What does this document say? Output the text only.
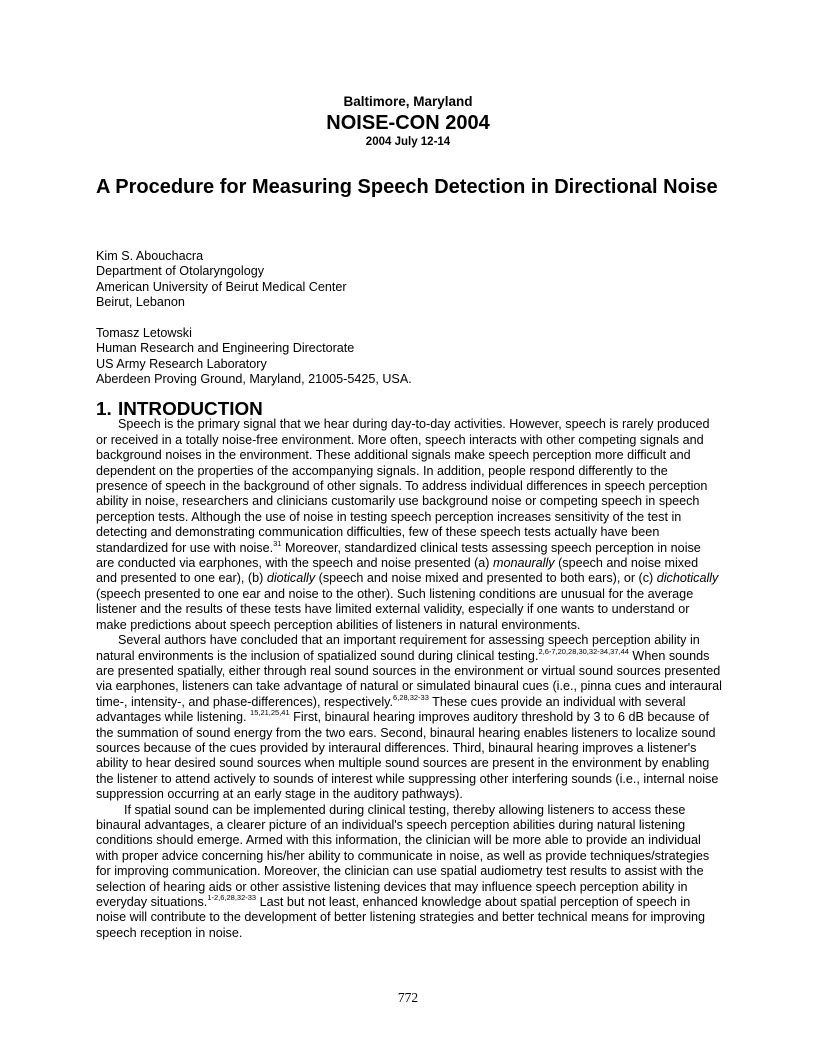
Baltimore, Maryland
NOISE-CON 2004
2004 July 12-14
A Procedure for Measuring Speech Detection in Directional Noise
Kim S. Abouchacra
Department of Otolaryngology
American University of Beirut Medical Center
Beirut, Lebanon
Tomasz Letowski
Human Research and Engineering Directorate
US Army Research Laboratory
Aberdeen Proving Ground, Maryland, 21005-5425, USA.
1. INTRODUCTION

Speech is the primary signal that we hear during day-to-day activities. However, speech is rarely produced or received in a totally noise-free environment. More often, speech interacts with other competing signals and background noises in the environment. These additional signals make speech perception more difficult and dependent on the properties of the accompanying signals. In addition, people respond differently to the presence of speech in the background of other signals. To address individual differences in speech perception ability in noise, researchers and clinicians customarily use background noise or competing speech in speech perception tests. Although the use of noise in testing speech perception increases sensitivity of the test in detecting and demonstrating communication difficulties, few of these speech tests actually have been standardized for use with noise.$^{31}$ Moreover, standardized clinical tests assessing speech perception in noise are conducted via earphones, with the speech and noise presented (a) monaurally (speech and noise mixed and presented to one ear), (b) diotically (speech and noise mixed and presented to both ears), or (c) dichotically (speech presented to one ear and noise to the other). Such listening conditions are unusual for the average listener and the results of these tests have limited external validity, especially if one wants to understand or make predictions about speech perception abilities of listeners in natural environments.

Several authors have concluded that an important requirement for assessing speech perception ability in natural environments is the inclusion of spatialized sound during clinical testing.$^{2,6-7,20,28,30,32-34,37,44}$ When sounds are presented spatially, either through real sound sources in the environment or virtual sound sources presented via earphones, listeners can take advantage of natural or simulated binaural cues (i.e., pinna cues and interaural time-, intensity-, and phase-differences), respectively.$^{6,28,32-33}$ These cues provide an individual with several advantages while listening. $^{15,21,25,41}$ First, binaural hearing improves auditory threshold by 3 to 6 dB because of the summation of sound energy from the two ears. Second, binaural hearing enables listeners to localize sound sources because of the cues provided by interaural differences. Third, binaural hearing improves a listener's ability to hear desired sound sources when multiple sound sources are present in the environment by enabling the listener to attend actively to sounds of interest while suppressing other interfering sounds (i.e., internal noise suppression occurring at an early stage in the auditory pathways).

If spatial sound can be implemented during clinical testing, thereby allowing listeners to access these binaural advantages, a clearer picture of an individual's speech perception abilities during natural listening conditions should emerge. Armed with this information, the clinician will be more able to provide an individual with proper advice concerning his/her ability to communicate in noise, as well as provide techniques/strategies for improving communication. Moreover, the clinician can use spatial audiometry test results to assist with the selection of hearing aids or other assistive listening devices that may influence speech perception ability in everyday situations.$^{1-2,6,28,32-33}$ Last but not least, enhanced knowledge about spatial perception of speech in noise will contribute to the development of better listening strategies and better technical means for improving speech reception in noise.

772
